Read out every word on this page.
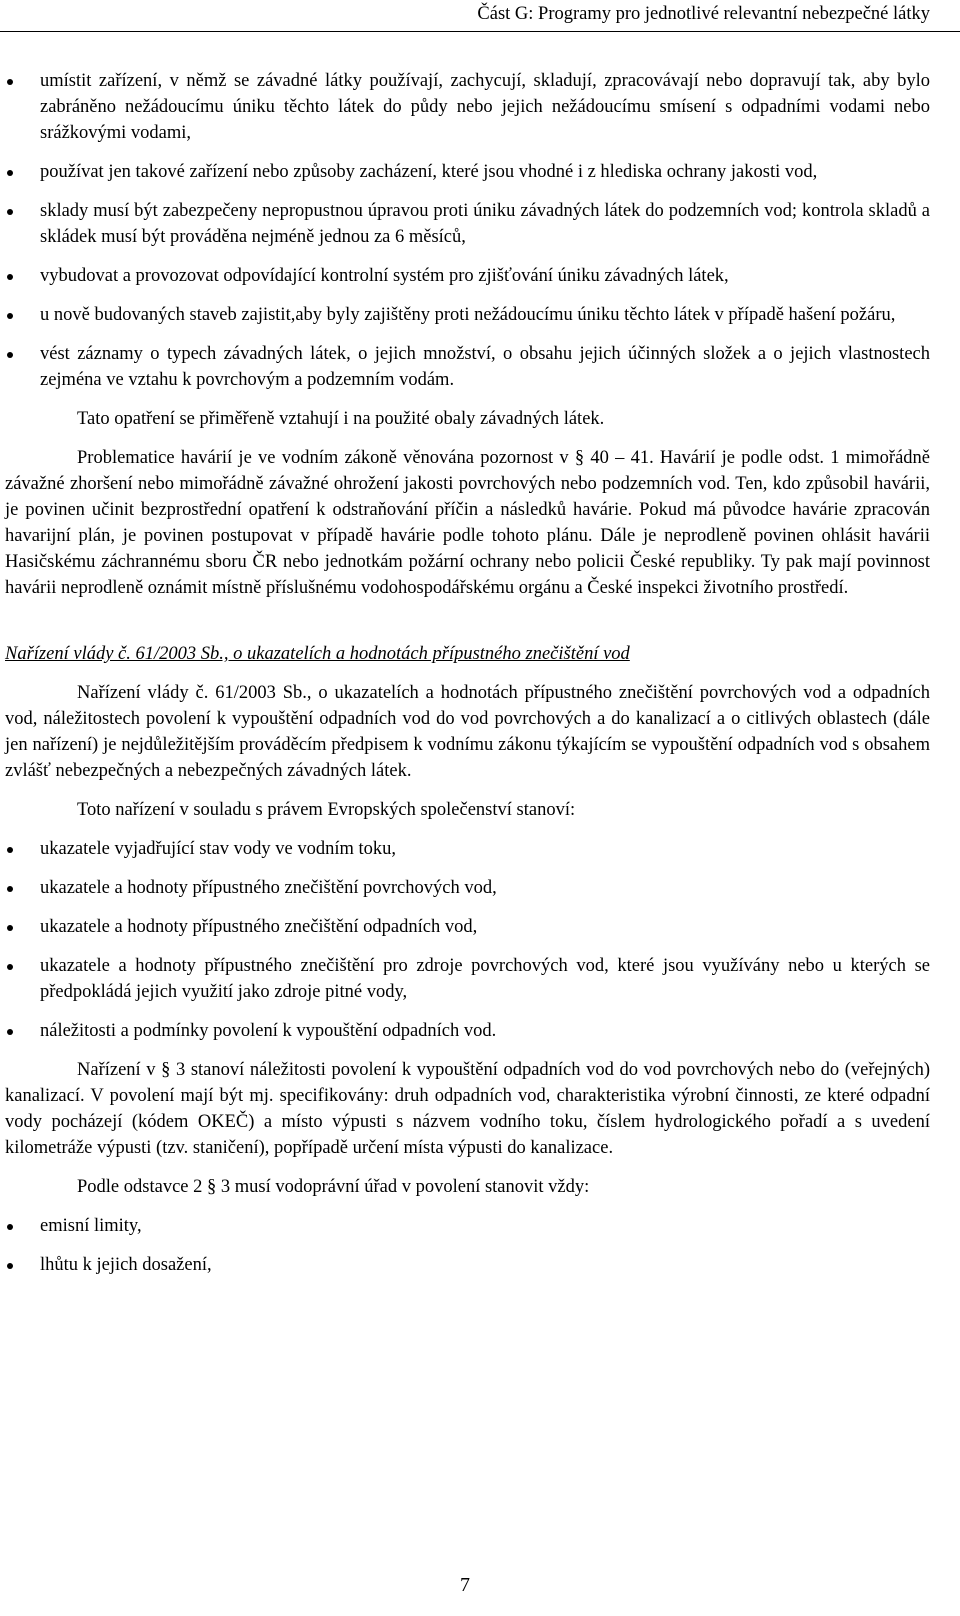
Část G: Programy pro jednotlivé relevantní nebezpečné látky
umístit zařízení, v němž se závadné látky používají, zachycují, skladují, zpracovávají nebo dopravují tak, aby bylo zabráněno nežádoucímu úniku těchto látek do půdy nebo jejich nežádoucímu smísení s odpadními vodami nebo srážkovými vodami,
používat jen takové zařízení nebo způsoby zacházení, které jsou vhodné i z hlediska ochrany jakosti vod,
sklady musí být zabezpečeny nepropustnou úpravou proti úniku závadných látek do podzemních vod; kontrola skladů a skládek musí být prováděna nejméně jednou za 6 měsíců,
vybudovat a provozovat odpovídající kontrolní systém pro zjišťování úniku závadných látek,
u nově budovaných staveb zajistit,aby byly zajištěny proti nežádoucímu úniku těchto látek v případě hašení požáru,
vést záznamy o typech závadných látek, o jejich množství, o obsahu jejich účinných složek a o jejich vlastnostech zejména ve vztahu k povrchovým a podzemním vodám.

Tato opatření se přiměřeně vztahují i na použité obaly závadných látek.

Problematice havárií je ve vodním zákoně věnována pozornost v § 40 – 41. Havárií je podle odst. 1 mimořádně závažné zhoršení nebo mimořádně závažné ohrožení jakosti povrchových nebo podzemních vod. Ten, kdo způsobil havárii, je povinen učinit bezprostřední opatření k odstraňování příčin a následků havárie. Pokud má původce havárie zpracován havarijní plán, je povinen postupovat v případě havárie podle tohoto plánu. Dále je neprodleně povinen ohlásit havárii Hasičskému záchrannému sboru ČR nebo jednotkám požární ochrany nebo policii České republiky. Ty pak mají povinnost havárii neprodleně oznámit místně příslušnému vodohospodářskému orgánu a České inspekci životního prostředí.

Nařízení vlády č. 61/2003 Sb., o ukazatelích a hodnotách přípustného znečištění vod

Nařízení vlády č. 61/2003 Sb., o ukazatelích a hodnotách přípustného znečištění povrchových vod a odpadních vod, náležitostech povolení k vypouštění odpadních vod do vod povrchových a do kanalizací a o citlivých oblastech (dále jen nařízení) je nejdůležitějším prováděcím předpisem k vodnímu zákonu týkajícím se vypouštění odpadních vod s obsahem zvlášť nebezpečných a nebezpečných závadných látek.

Toto nařízení v souladu s právem Evropských společenství stanoví:

ukazatele vyjadřující stav vody ve vodním toku,
ukazatele a hodnoty přípustného znečištění povrchových vod,
ukazatele a hodnoty přípustného znečištění odpadních vod,
ukazatele a hodnoty přípustného znečištění pro zdroje povrchových vod, které jsou využívány nebo u kterých se předpokládá jejich využití jako zdroje pitné vody,
náležitosti a podmínky povolení k vypouštění odpadních vod.

Nařízení v § 3 stanoví náležitosti povolení k vypouštění odpadních vod do vod povrchových nebo do (veřejných) kanalizací. V povolení mají být mj. specifikovány: druh odpadních vod, charakteristika výrobní činnosti, ze které odpadní vody pocházejí (kódem OKEČ) a místo výpusti s názvem vodního toku, číslem hydrologického pořadí a s uvedení kilometráže výpusti (tzv. staničení), popřípadě určení místa výpusti do kanalizace.

Podle odstavce 2 § 3 musí vodoprávní úřad v povolení stanovit vždy:

emisní limity,
lhůtu k jejich dosažení,
7
